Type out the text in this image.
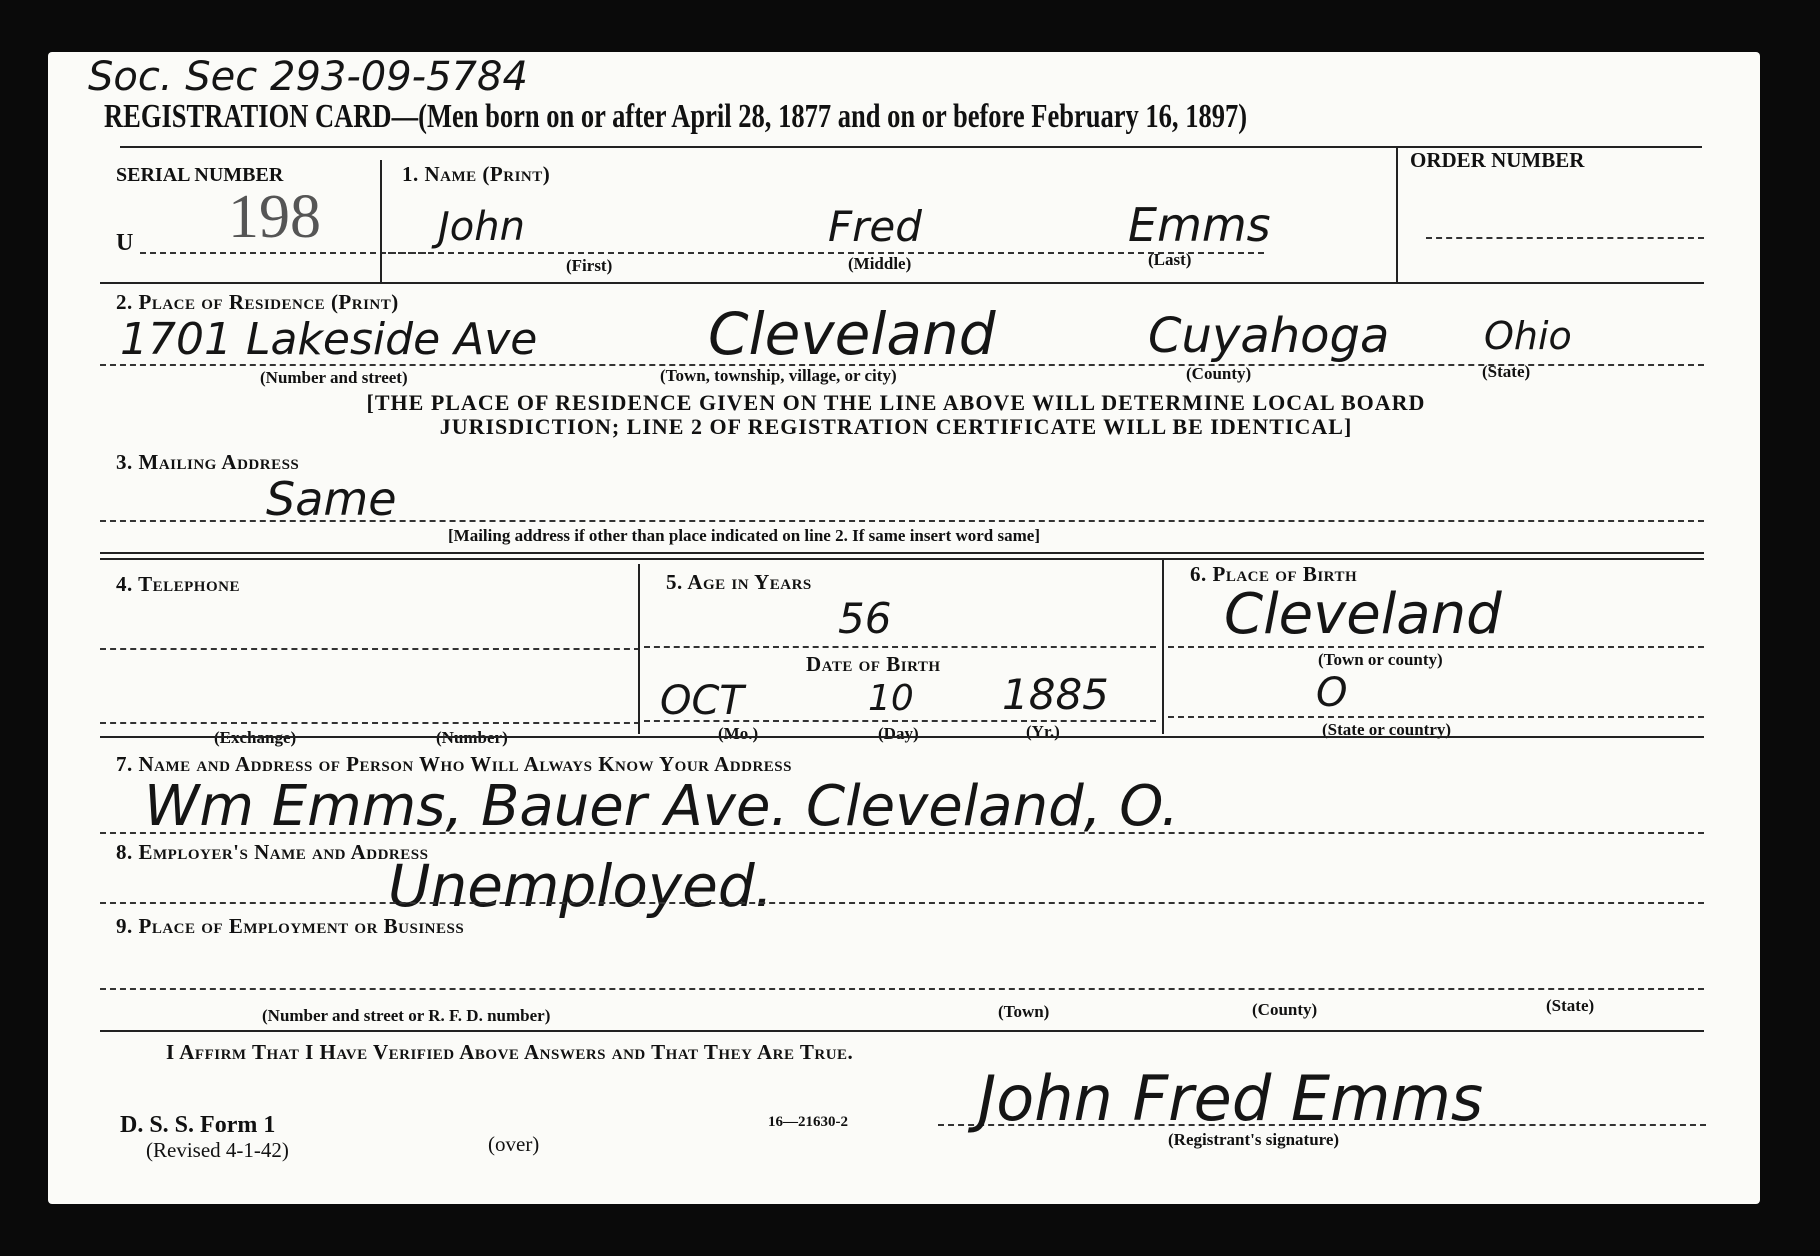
Soc. Sec 293-09-5784
REGISTRATION CARD—(Men born on or after April 28, 1877 and on or before February 16, 1897)
SERIAL NUMBER
U 198
1. Name (Print)
John	Fred	Emms
(First)	(Middle)	(Last)
ORDER NUMBER
2. Place of Residence (Print)
1701 Lakeside Ave	Cleveland	Cuyahoga Ohio
(Number and street)	(Town, township, village, or city)	(County)	(State)
[THE PLACE OF RESIDENCE GIVEN ON THE LINE ABOVE WILL DETERMINE LOCAL BOARD
JURISDICTION; LINE 2 OF REGISTRATION CERTIFICATE WILL BE IDENTICAL]
3. Mailing Address
Same
[Mailing address if other than place indicated on line 2. If same insert word same]
4. Telephone
(Exchange)	(Number)
5. Age in Years
56
Date of Birth
OCT	10 1885
(Mo.)	(Day)	(Yr.)
6. Place of Birth
Cleveland
(Town or county)
O
(State or country)
7. Name and Address of Person Who Will Always Know Your Address
Wm Emms, Bauer Ave. Cleveland, O.
8. Employer's Name and Address
Unemployed.
9. Place of Employment or Business
(Number and street or R. F. D. number)	(Town)	(County)	(State)
I Affirm That I Have Verified Above Answers and That They Are True.
D. S. S. Form 1
(Revised 4-1-42)	(over)
16—21630-2 John Fred Emms
(Registrant's signature)
